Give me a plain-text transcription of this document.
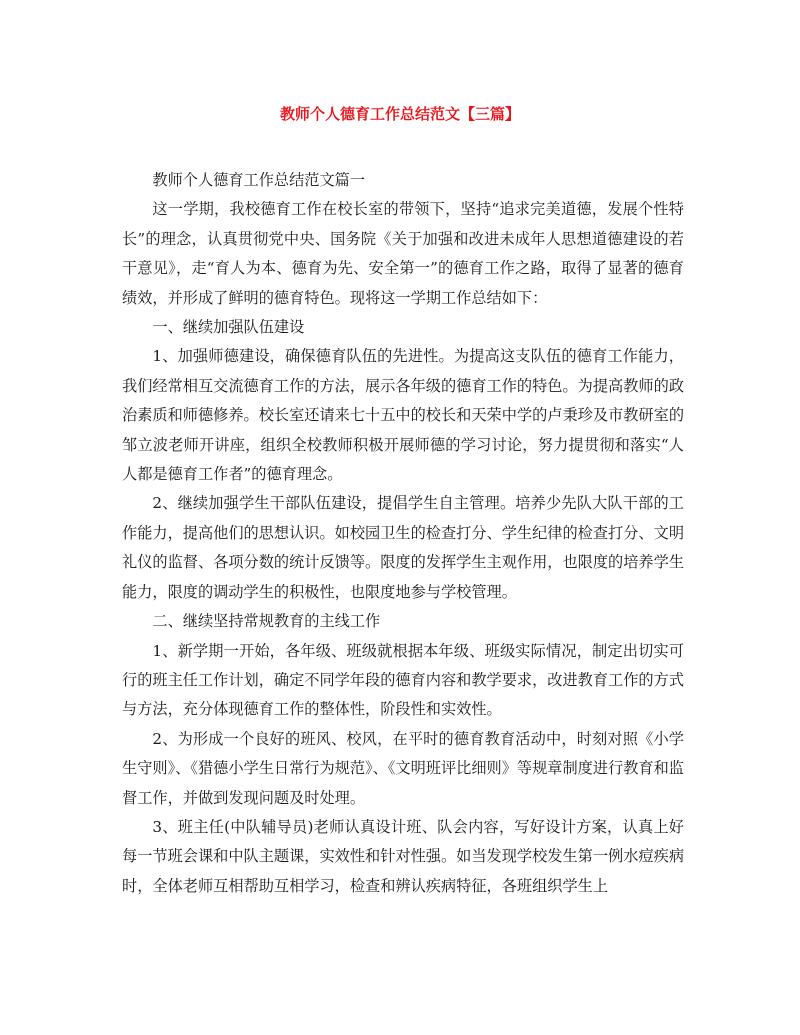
教师个人德育工作总结范文【三篇】

教师个人德育工作总结范文篇一

这一学期，我校德育工作在校长室的带领下，坚持“追求完美道德，发展个性特长”的理念，认真贯彻党中央、国务院《关于加强和改进未成年人思想道德建设的若干意见》，走“育人为本、德育为先、安全第一”的德育工作之路，取得了显著的德育绩效，并形成了鲜明的德育特色。现将这一学期工作总结如下：

一、继续加强队伍建设

1、加强师德建设，确保德育队伍的先进性。为提高这支队伍的德育工作能力，我们经常相互交流德育工作的方法，展示各年级的德育工作的特色。为提高教师的政治素质和师德修养。校长室还请来七十五中的校长和天荣中学的卢秉珍及市教研室的邹立波老师开讲座，组织全校教师积极开展师德的学习讨论，努力提贯彻和落实“人人都是德育工作者”的德育理念。

2、继续加强学生干部队伍建设，提倡学生自主管理。培养少先队大队干部的工作能力，提高他们的思想认识。如校园卫生的检查打分、学生纪律的检查打分、文明礼仪的监督、各项分数的统计反馈等。限度的发挥学生主观作用，也限度的培养学生能力，限度的调动学生的积极性，也限度地参与学校管理。

二、继续坚持常规教育的主线工作

1、新学期一开始，各年级、班级就根据本年级、班级实际情况，制定出切实可行的班主任工作计划，确定不同学年段的德育内容和教学要求，改进教育工作的方式与方法，充分体现德育工作的整体性，阶段性和实效性。

2、为形成一个良好的班风、校风，在平时的德育教育活动中，时刻对照《小学生守则》、《猎德小学生日常行为规范》、《文明班评比细则》等规章制度进行教育和监督工作，并做到发现问题及时处理。

3、班主任(中队辅导员)老师认真设计班、队会内容，写好设计方案，认真上好每一节班会课和中队主题课，实效性和针对性强。如当发现学校发生第一例水痘疾病时，全体老师互相帮助互相学习，检查和辨认疾病特征，各班组织学生上
